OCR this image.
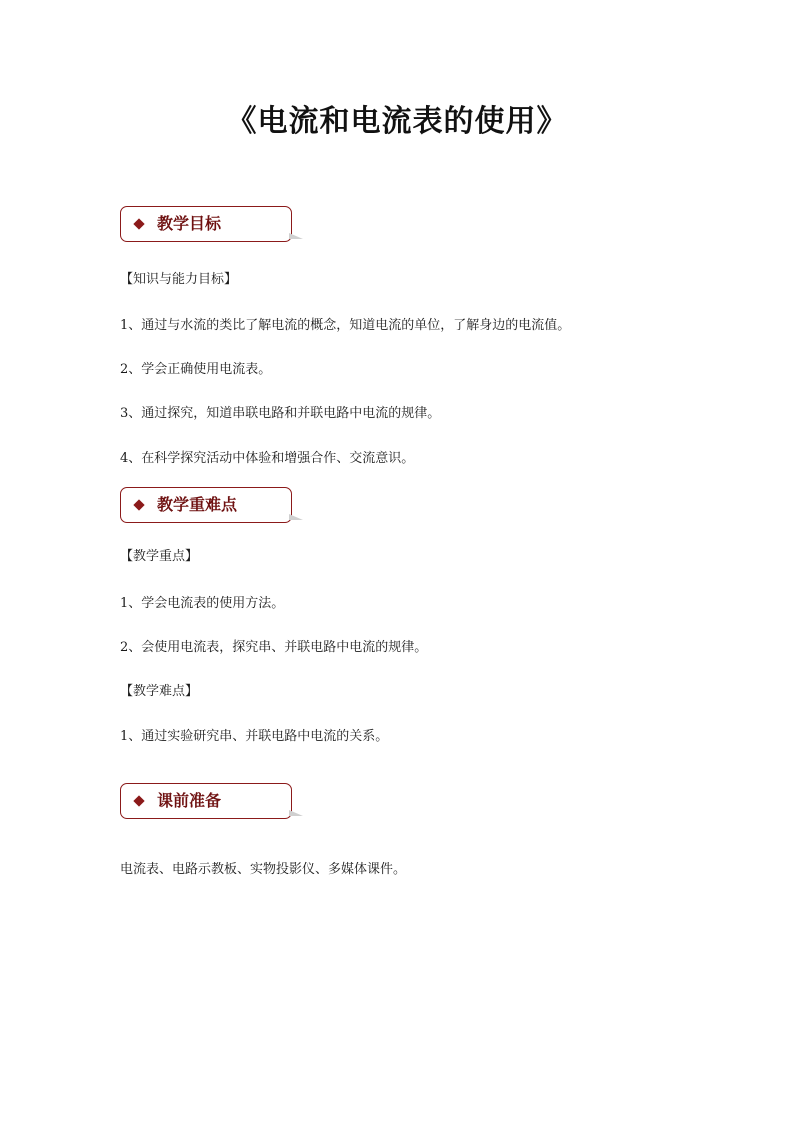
《电流和电流表的使用》
教学目标
【知识与能力目标】
1、通过与水流的类比了解电流的概念，知道电流的单位，了解身边的电流值。
2、学会正确使用电流表。
3、通过探究，知道串联电路和并联电路中电流的规律。
4、在科学探究活动中体验和增强合作、交流意识。
教学重难点
【教学重点】
1、学会电流表的使用方法。
2、会使用电流表，探究串、并联电路中电流的规律。
【教学难点】
1、通过实验研究串、并联电路中电流的关系。
课前准备
电流表、电路示教板、实物投影仪、多媒体课件。
